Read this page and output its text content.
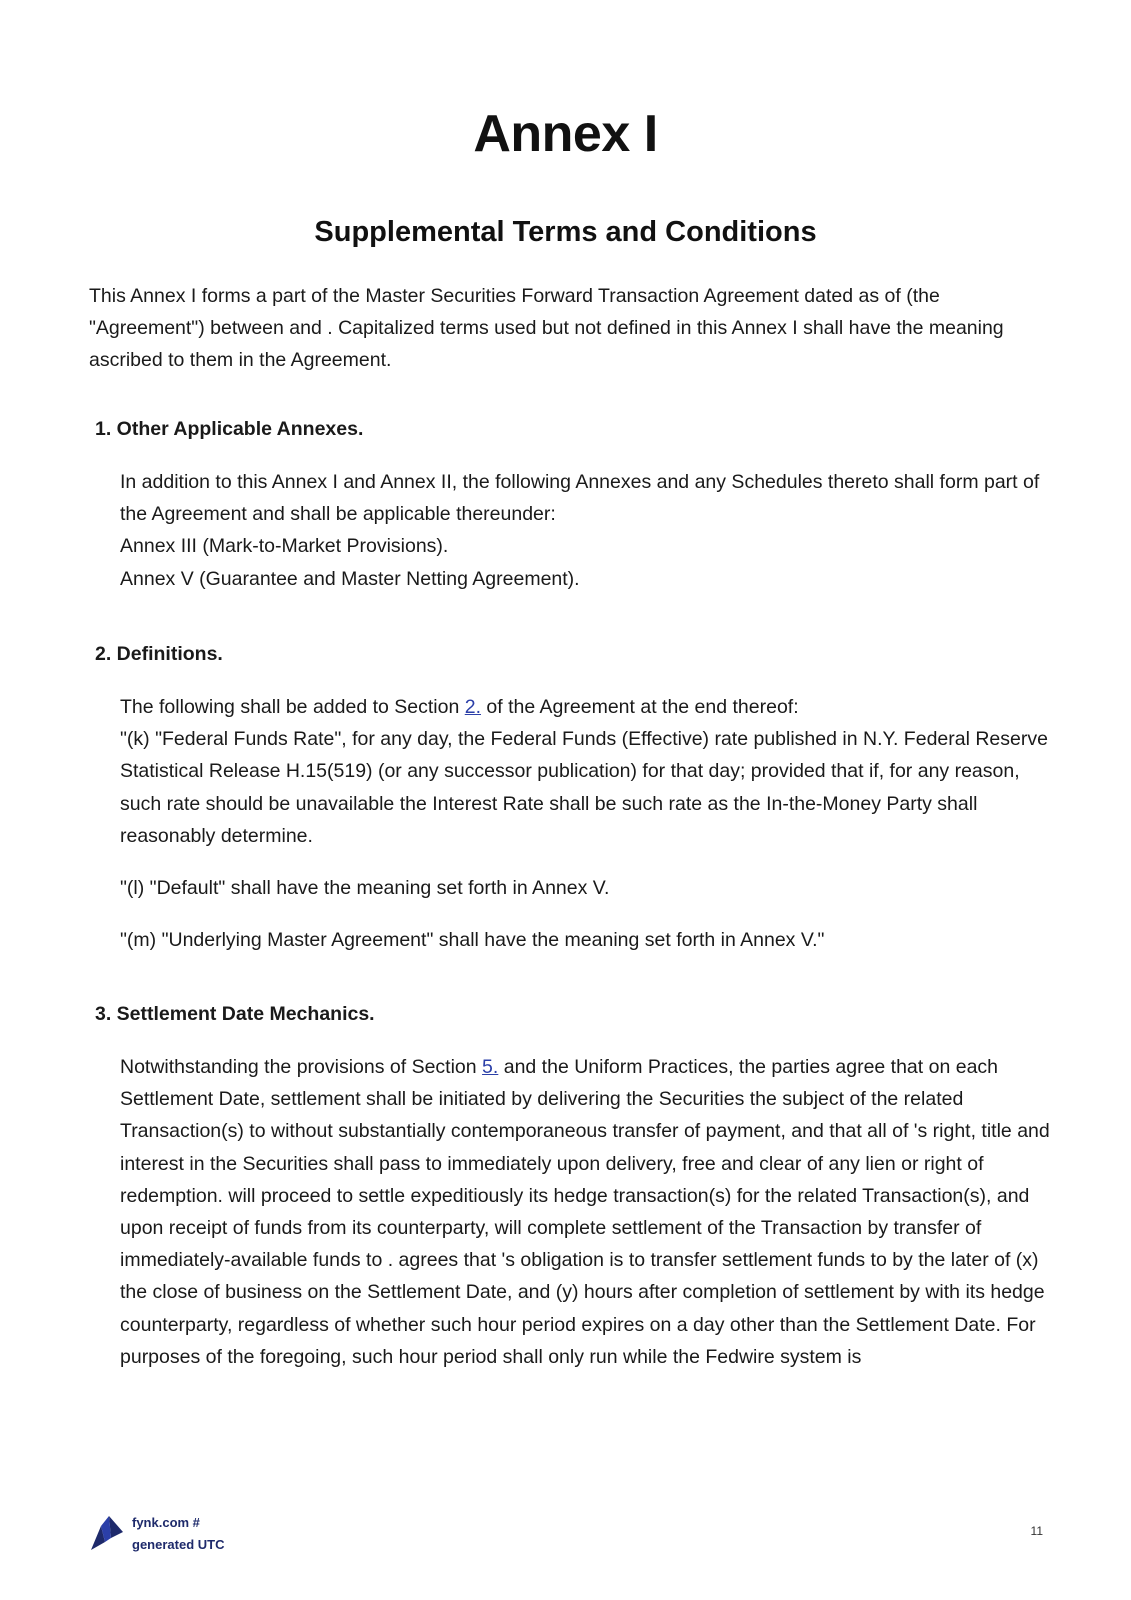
Annex I
Supplemental Terms and Conditions

This Annex I forms a part of the Master Securities Forward Transaction Agreement dated as of (the "Agreement") between and . Capitalized terms used but not defined in this Annex I shall have the meaning ascribed to them in the Agreement.

1. Other Applicable Annexes.

In addition to this Annex I and Annex II, the following Annexes and any Schedules thereto shall form part of the Agreement and shall be applicable thereunder:

Annex III (Mark-to-Market Provisions).

Annex V (Guarantee and Master Netting Agreement).

2. Definitions.

The following shall be added to Section 2. of the Agreement at the end thereof:

"(k) "Federal Funds Rate", for any day, the Federal Funds (Effective) rate published in N.Y. Federal Reserve Statistical Release H.15(519) (or any successor publication) for that day; provided that if, for any reason, such rate should be unavailable the Interest Rate shall be such rate as the In-the-Money Party shall reasonably determine.

"(l) "Default" shall have the meaning set forth in Annex V.

"(m) "Underlying Master Agreement" shall have the meaning set forth in Annex V."

3. Settlement Date Mechanics.

Notwithstanding the provisions of Section 5. and the Uniform Practices, the parties agree that on each Settlement Date, settlement shall be initiated by delivering the Securities the subject of the related Transaction(s) to without substantially contemporaneous transfer of payment, and that all of 's right, title and interest in the Securities shall pass to immediately upon delivery, free and clear of any lien or right of redemption. will proceed to settle expeditiously its hedge transaction(s) for the related Transaction(s), and upon receipt of funds from its counterparty, will complete settlement of the Transaction by transfer of immediately-available funds to . agrees that 's obligation is to transfer settlement funds to by the later of (x) the close of business on the Settlement Date, and (y) hours after completion of settlement by with its hedge counterparty, regardless of whether such hour period expires on a day other than the Settlement Date. For purposes of the foregoing, such hour period shall only run while the Fedwire system is

fynk.com #
generated UTC
11
